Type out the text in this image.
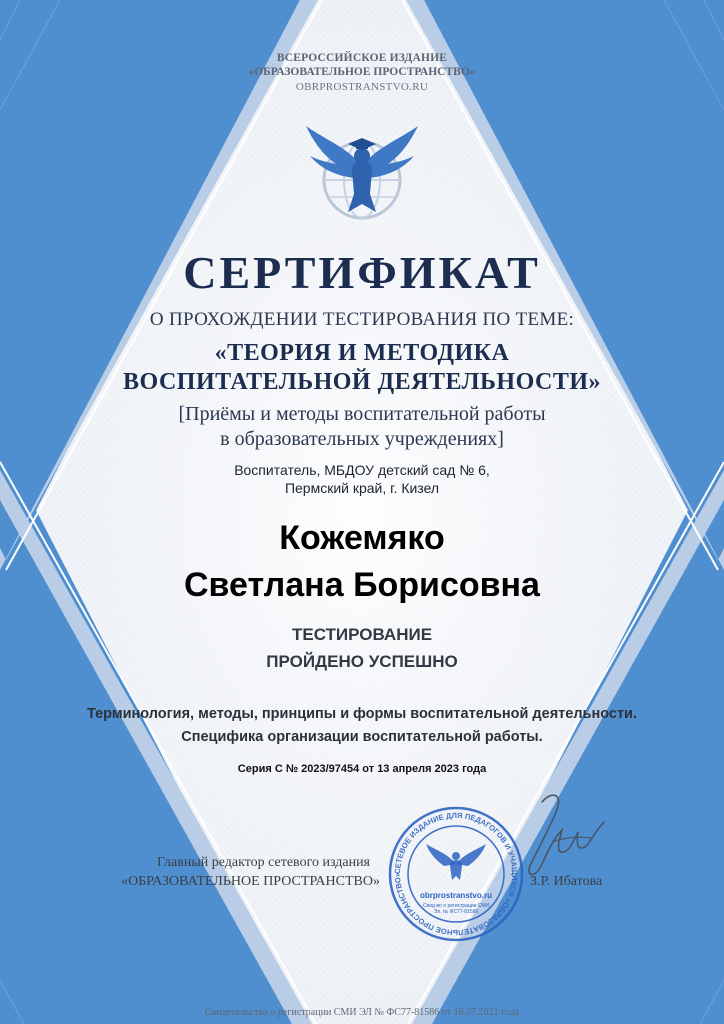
ВСЕРОССИЙСКОЕ ИЗДАНИЕ

«ОБРАЗОВАТЕЛЬНОЕ ПРОСТРАНСТВО»

OBRPROSTRANSTVO.RU

СЕРТИФИКАТ

О ПРОХОЖДЕНИИ ТЕСТИРОВАНИЯ ПО ТЕМЕ:

«ТЕОРИЯ И МЕТОДИКА

ВОСПИТАТЕЛЬНОЙ ДЕЯТЕЛЬНОСТИ»

[Приёмы и методы воспитательной работы

в образовательных учреждениях]

Воспитатель, МБДОУ детский сад № 6,

Пермский край, г. Кизел

Кожемяко

Светлана Борисовна

ТЕСТИРОВАНИЕ

ПРОЙДЕНО УСПЕШНО

Терминология, методы, принципы и формы воспитательной деятельности.

Специфика организации воспитательной работы.

Серия С № 2023/97454 от 13 апреля 2023 года

Главный редактор сетевого издания

«ОБРАЗОВАТЕЛЬНОЕ ПРОСТРАНСТВО»	З.Р. Ибатова

СЕТЕВОЕ ИЗДАНИЕ ДЛЯ ПЕДАГОГОВ И УЧАЩИХСЯ «ОБРАЗОВАТЕЛЬНОЕ ПРОСТРАНСТВО»
obrprostranstvo.ru
Свид-во о регистрации СМИ
Эл. № ФС77-81586

Свидетельство о регистрации СМИ ЭЛ № ФС77-81586 от 16.07.2021 года
